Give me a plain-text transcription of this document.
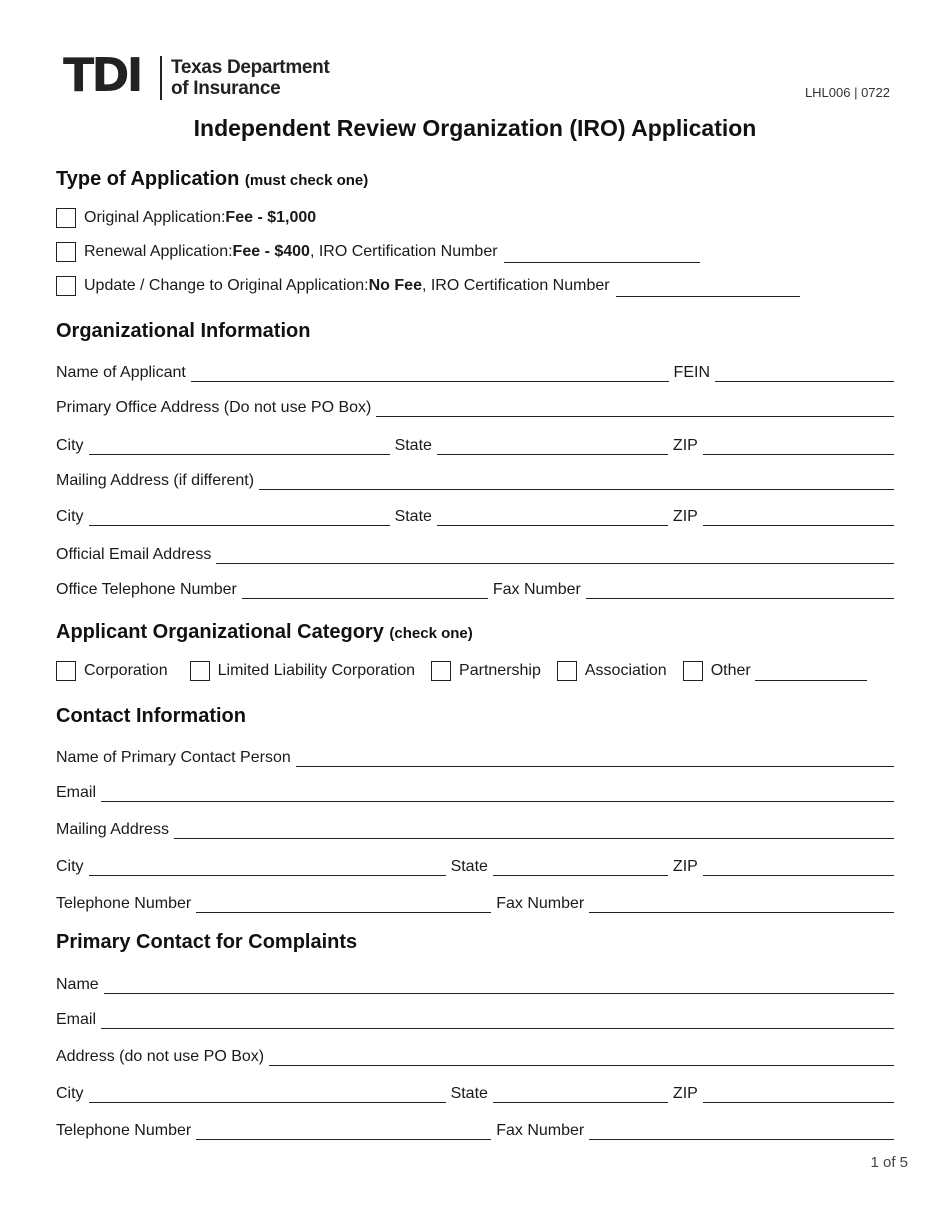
TDI Texas Department
of Insurance	LHL006 | 0722
Independent Review Organization (IRO) Application
Type of Application (must check one)
Original Application: Fee - $1,000
Renewal Application: Fee - $400 , IRO Certification Number
Update / Change to Original Application: No Fee , IRO Certification Number
Organizational Information
Name of Applicant	FEIN
Primary Office Address (Do not use PO Box)
City	State	ZIP
Mailing Address (if different)
City	State	ZIP
Official Email Address
Office Telephone Number	Fax Number
Applicant Organizational Category (check one)
Corporation	Limited Liability Corporation	Partnership	Association	Other
Contact Information
Name of Primary Contact Person
Email
Mailing Address
City	State	ZIP
Telephone Number	Fax Number
Primary Contact for Complaints
Name
Email
Address (do not use PO Box)
City	State	ZIP
Telephone Number	Fax Number
1 of 5
